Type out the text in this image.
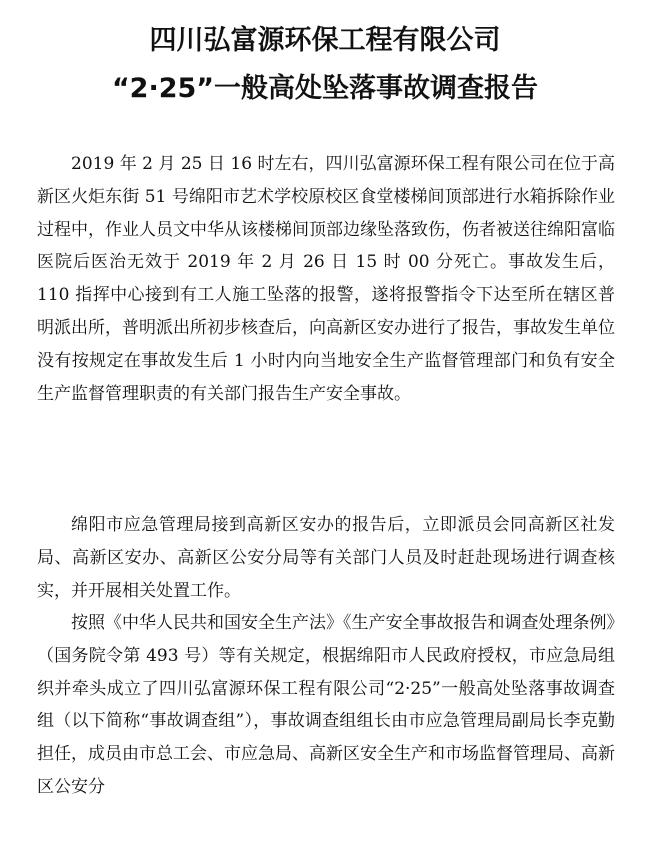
四川弘富源环保工程有限公司
“2·25”一般高处坠落事故调查报告

2019 年 2 月 25 日 16 时左右，四川弘富源环保工程有限公司在位于高新区火炬东街 51 号绵阳市艺术学校原校区食堂楼梯间顶部进行水箱拆除作业过程中，作业人员文中华从该楼梯间顶部边缘坠落致伤，伤者被送往绵阳富临医院后医治无效于 2019 年 2 月 26 日 15 时 00 分死亡。事故发生后，110 指挥中心接到有工人施工坠落的报警，遂将报警指令下达至所在辖区普明派出所，普明派出所初步核查后，向高新区安办进行了报告，事故发生单位没有按规定在事故发生后 1 小时内向当地安全生产监督管理部门和负有安全生产监督管理职责的有关部门报告生产安全事故。

绵阳市应急管理局接到高新区安办的报告后，立即派员会同高新区社发局、高新区安办、高新区公安分局等有关部门人员及时赶赴现场进行调查核实，并开展相关处置工作。

按照《中华人民共和国安全生产法》《生产安全事故报告和调查处理条例》（国务院令第 493 号）等有关规定，根据绵阳市人民政府授权，市应急局组织并牵头成立了四川弘富源环保工程有限公司“2·25”一般高处坠落事故调查组（以下简称“事故调查组”），事故调查组组长由市应急管理局副局长李克勤担任，成员由市总工会、市应急局、高新区安全生产和市场监督管理局、高新区公安分
